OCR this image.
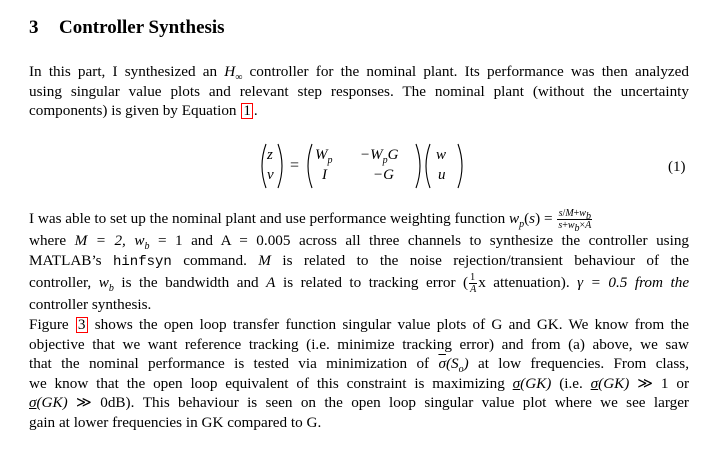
3 Controller Synthesis

In this part, I synthesized an $H_\infty$ controller for the nominal plant. Its performance was then analyzed
using singular value plots and relevant step responses. The nominal plant (without the uncertainty
components) is given by Equation 1 .

=
z
v
$W_p -W_pG$
I	−G
w
u	(1)

I was able to set up the nominal plant and use performance weighting function $w_p(s) = \frac{s/M+w_b}{s+w_b\times A}$
where M = 2, $w_b = 1$ and A = 0.005 across all three channels to synthesize the controller using
MATLAB’s hinfsyn command. M is related to the noise rejection/transient behaviour of the
controller, $w_b$ is the bandwidth and A is related to tracking error ( $\frac{1}{A}$ x attenuation). γ = 0.5 from the
controller synthesis.

Figure 3 shows the open loop transfer function singular value plots of G and GK. We know from the
objective that we want reference tracking (i.e. minimize tracking error) and from (a) above, we saw
that the nominal performance is tested via minimization of $\overline{\sigma}(S_o)$ at low frequencies. From class,
we know that the open loop equivalent of this constraint is maximizing σ(GK) (i.e. σ(GK) ≫ 1 or
σ(GK) ≫ 0dB). This behaviour is seen on the open loop singular value plot where we see larger
gain at lower frequencies in GK compared to G.
